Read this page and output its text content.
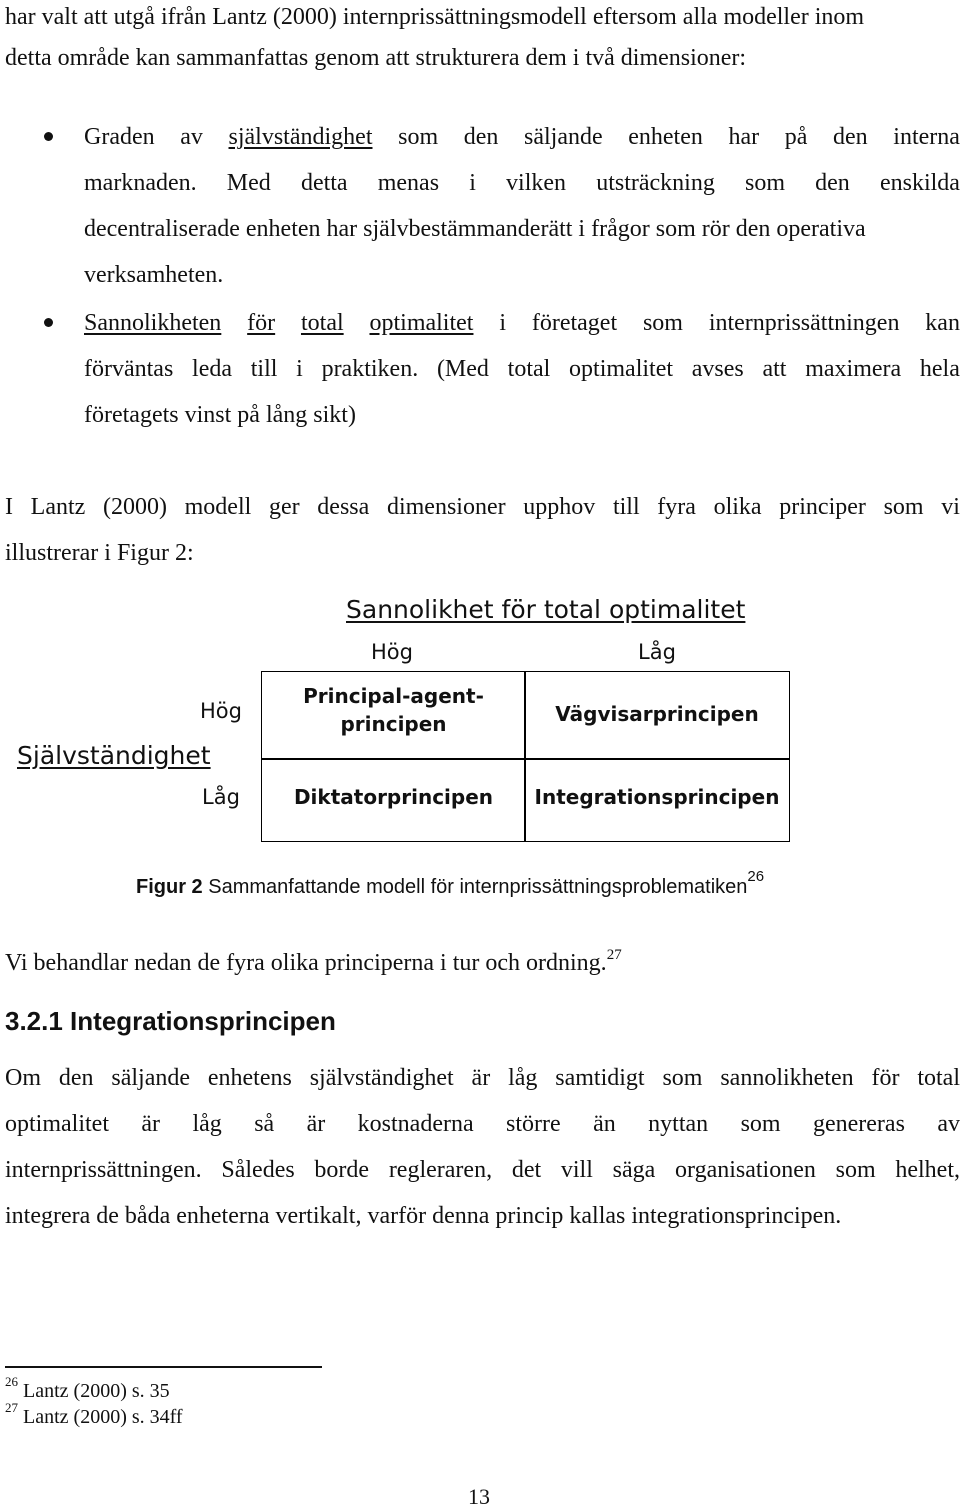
har valt att utgå ifrån Lantz (2000) internprissättningsmodell eftersom alla modeller inom
detta område kan sammanfattas genom att strukturera dem i två dimensioner:
Graden av självständighet som den säljande enheten har på den interna
marknaden. Med detta menas i vilken utsträckning som den enskilda
decentraliserade enheten har självbestämmanderätt i frågor som rör den operativa
verksamheten.
Sannolikheten för total optimalitet i företaget som internprissättningen kan
förväntas leda till i praktiken. (Med total optimalitet avses att maximera hela
företagets vinst på lång sikt)
I Lantz (2000) modell ger dessa dimensioner upphov till fyra olika principer som vi
illustrerar i Figur 2:
Sannolikhet för total optimalitet
Hög	Låg
Självständighet
Hög
Låg
Principal-agent-
principen	Vägvisarprincipen
Diktatorprincipen	Integrationsprincipen
Figur 2 Sammanfattande modell för internprissättningsproblematiken$^{26}$
Vi behandlar nedan de fyra olika principerna i tur och ordning.$^{27}$
3.2.1 Integrationsprincipen
Om den säljande enhetens självständighet är låg samtidigt som sannolikheten för total
optimalitet är låg så är kostnaderna större än nyttan som genereras av
internprissättningen. Således borde regleraren, det vill säga organisationen som helhet,
integrera de båda enheterna vertikalt, varför denna princip kallas integrationsprincipen.
$^{26}$ Lantz (2000) s. 35
$^{27}$ Lantz (2000) s. 34ff
13
